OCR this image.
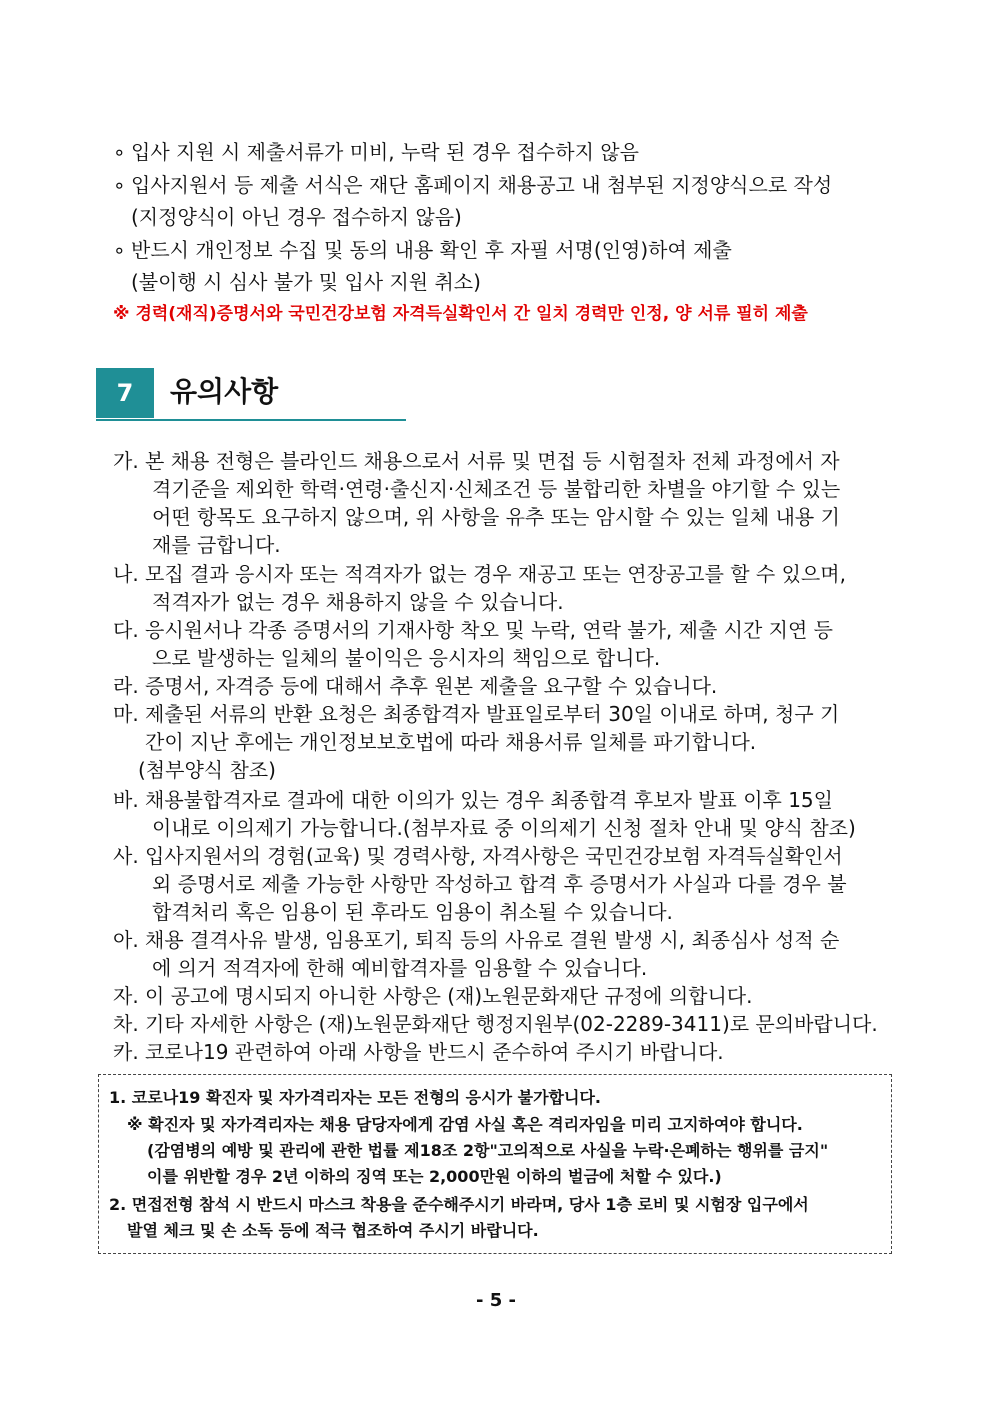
∘ 입사 지원 시 제출서류가 미비, 누락 된 경우 접수하지 않음
∘ 입사지원서 등 제출 서식은 재단 홈페이지 채용공고 내 첨부된 지정양식으로 작성
(지정양식이 아닌 경우 접수하지 않음)
∘ 반드시 개인정보 수집 및 동의 내용 확인 후 자필 서명(인영)하여 제출
(불이행 시 심사 불가 및 입사 지원 취소)
※ 경력(재직)증명서와 국민건강보험 자격득실확인서 간 일치 경력만 인정, 양 서류 필히 제출
7	유의사항
가. 본 채용 전형은 블라인드 채용으로서 서류 및 면접 등 시험절차 전체 과정에서 자
격기준을 제외한 학력·연령·출신지·신체조건 등 불합리한 차별을 야기할 수 있는
어떤 항목도 요구하지 않으며, 위 사항을 유추 또는 암시할 수 있는 일체 내용 기
재를 금합니다.
나. 모집 결과 응시자 또는 적격자가 없는 경우 재공고 또는 연장공고를 할 수 있으며,
적격자가 없는 경우 채용하지 않을 수 있습니다.
다. 응시원서나 각종 증명서의 기재사항 착오 및 누락, 연락 불가, 제출 시간 지연 등
으로 발생하는 일체의 불이익은 응시자의 책임으로 합니다.
라. 증명서, 자격증 등에 대해서 추후 원본 제출을 요구할 수 있습니다.
마. 제출된 서류의 반환 요청은 최종합격자 발표일로부터 30일 이내로 하며, 청구 기
간이 지난 후에는 개인정보보호법에 따라 채용서류 일체를 파기합니다.
(첨부양식 참조)
바. 채용불합격자로 결과에 대한 이의가 있는 경우 최종합격 후보자 발표 이후 15일
이내로 이의제기 가능합니다.(첨부자료 중 이의제기 신청 절차 안내 및 양식 참조)
사. 입사지원서의 경험(교육) 및 경력사항, 자격사항은 국민건강보험 자격득실확인서
외 증명서로 제출 가능한 사항만 작성하고 합격 후 증명서가 사실과 다를 경우 불
합격처리 혹은 임용이 된 후라도 임용이 취소될 수 있습니다.
아. 채용 결격사유 발생, 임용포기, 퇴직 등의 사유로 결원 발생 시, 최종심사 성적 순
에 의거 적격자에 한해 예비합격자를 임용할 수 있습니다.
자. 이 공고에 명시되지 아니한 사항은 (재)노원문화재단 규정에 의합니다.
차. 기타 자세한 사항은 (재)노원문화재단 행정지원부(02-2289-3411)로 문의바랍니다.
카. 코로나19 관련하여 아래 사항을 반드시 준수하여 주시기 바랍니다.
1. 코로나19 확진자 및 자가격리자는 모든 전형의 응시가 불가합니다.
※ 확진자 및 자가격리자는 채용 담당자에게 감염 사실 혹은 격리자임을 미리 고지하여야 합니다.
(감염병의 예방 및 관리에 관한 법률 제18조 2항"고의적으로 사실을 누락·은폐하는 행위를 금지"
이를 위반할 경우 2년 이하의 징역 또는 2,000만원 이하의 벌금에 처할 수 있다.)
2. 면접전형 참석 시 반드시 마스크 착용을 준수해주시기 바라며, 당사 1층 로비 및 시험장 입구에서
발열 체크 및 손 소독 등에 적극 협조하여 주시기 바랍니다.
- 5 -
